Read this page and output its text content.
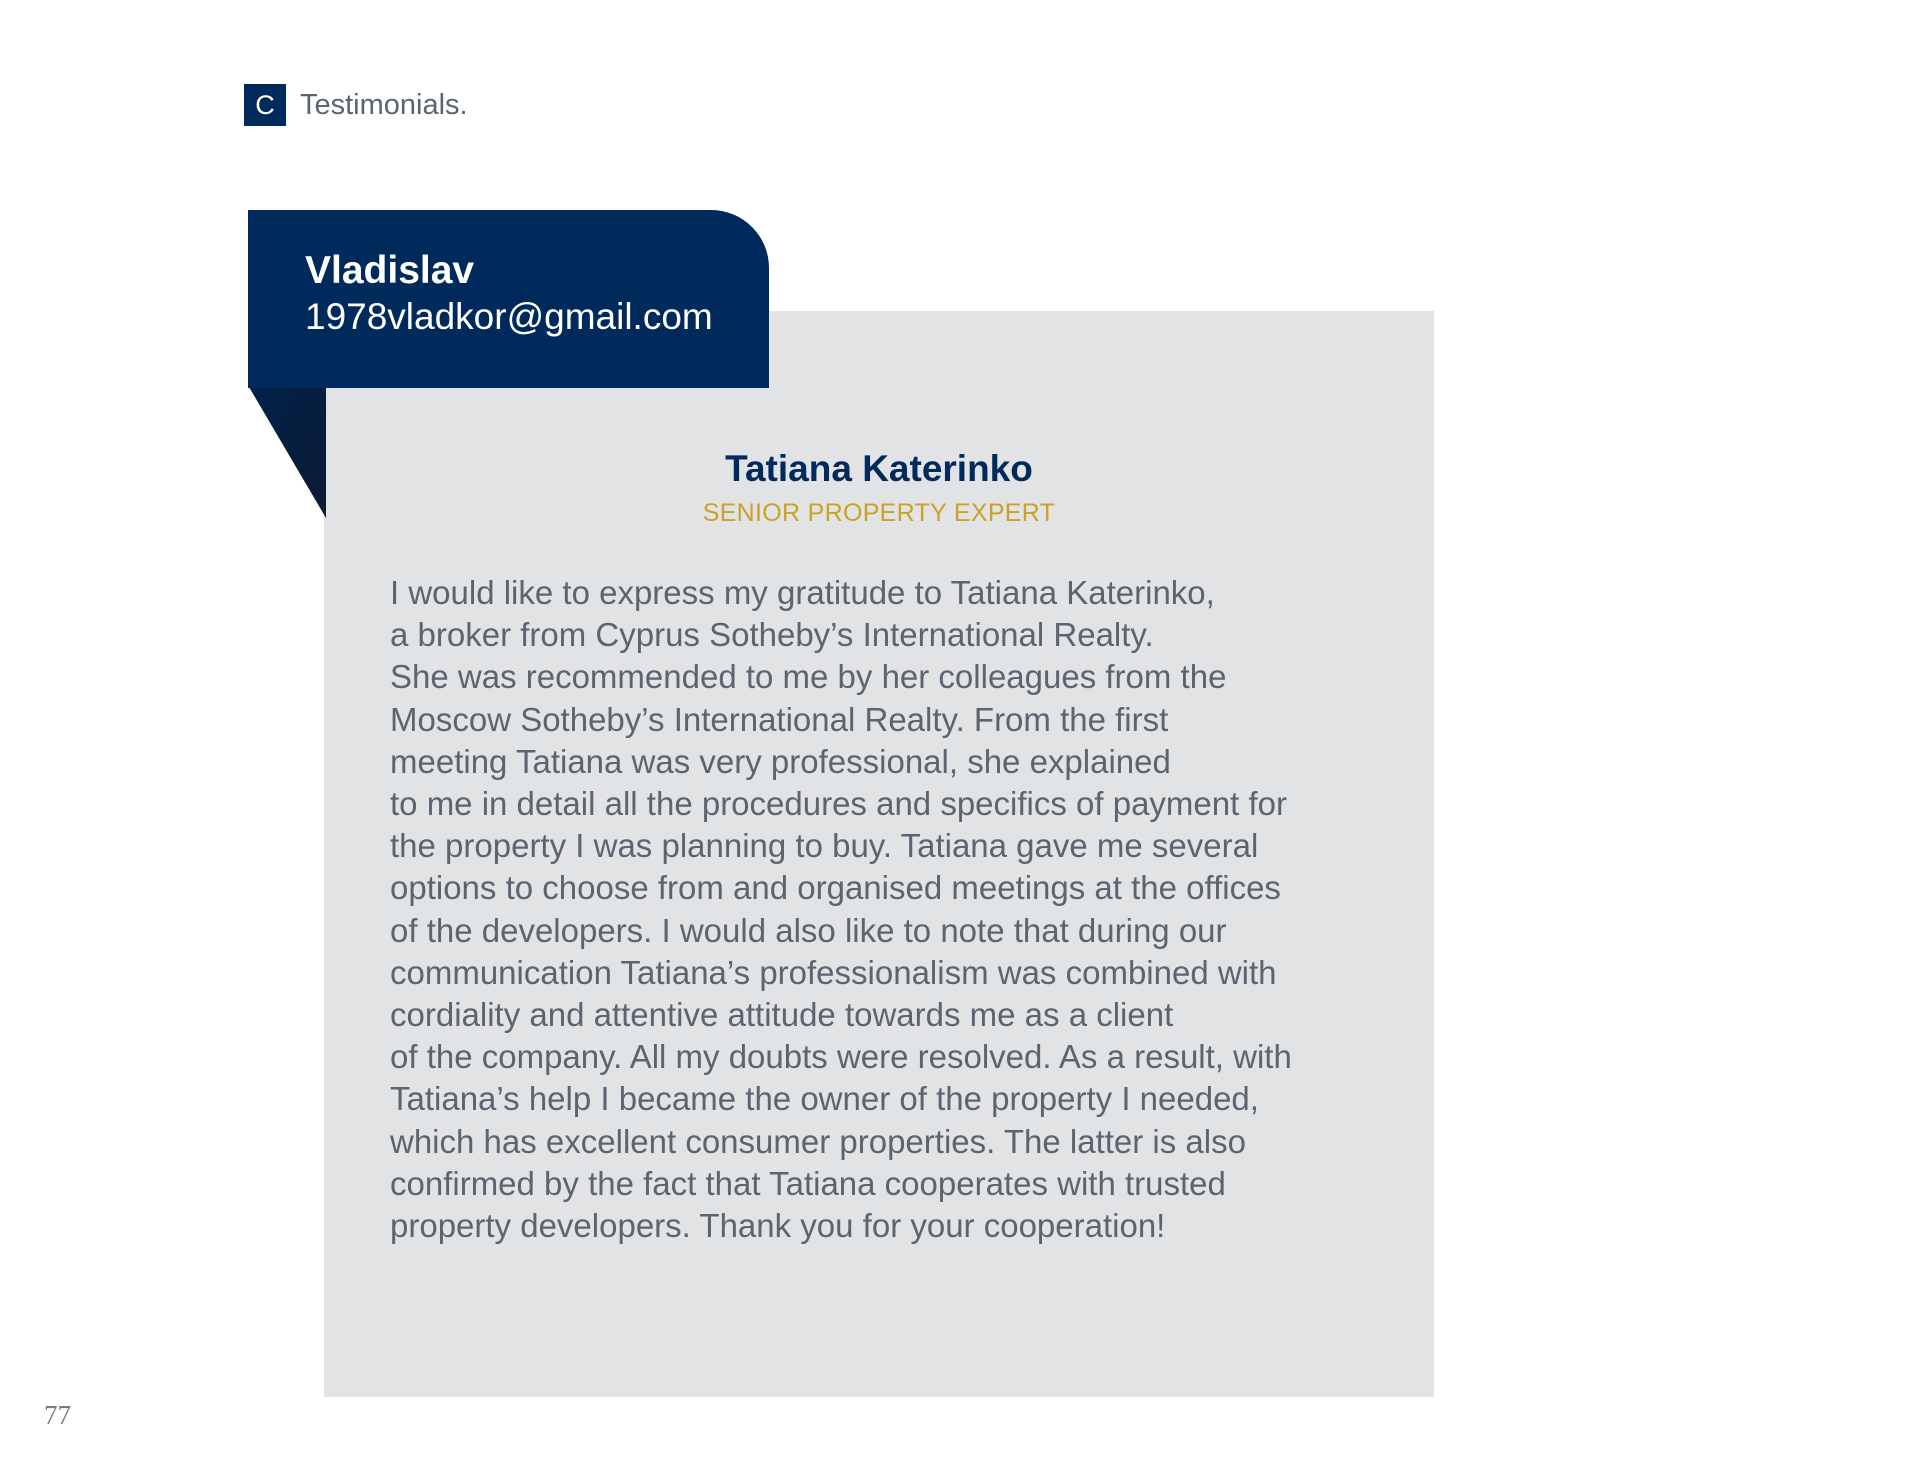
C Testimonials.
Vladislav
1978vladkor@gmail.com
Tatiana Katerinko
SENIOR PROPERTY EXPERT

I would like to express my gratitude to Tatiana Katerinko,
a broker from Cyprus Sotheby’s International Realty.
She was recommended to me by her colleagues from the
Moscow Sotheby’s International Realty. From the first
meeting Tatiana was very professional, she explained
to me in detail all the procedures and specifics of payment for
the property I was planning to buy. Tatiana gave me several
options to choose from and organised meetings at the offices
of the developers. I would also like to note that during our
communication Tatiana’s professionalism was combined with
cordiality and attentive attitude towards me as a client
of the company. All my doubts were resolved. As a result, with
Tatiana’s help I became the owner of the property I needed,
which has excellent consumer properties. The latter is also
confirmed by the fact that Tatiana cooperates with trusted
property developers. Thank you for your cooperation!

77
